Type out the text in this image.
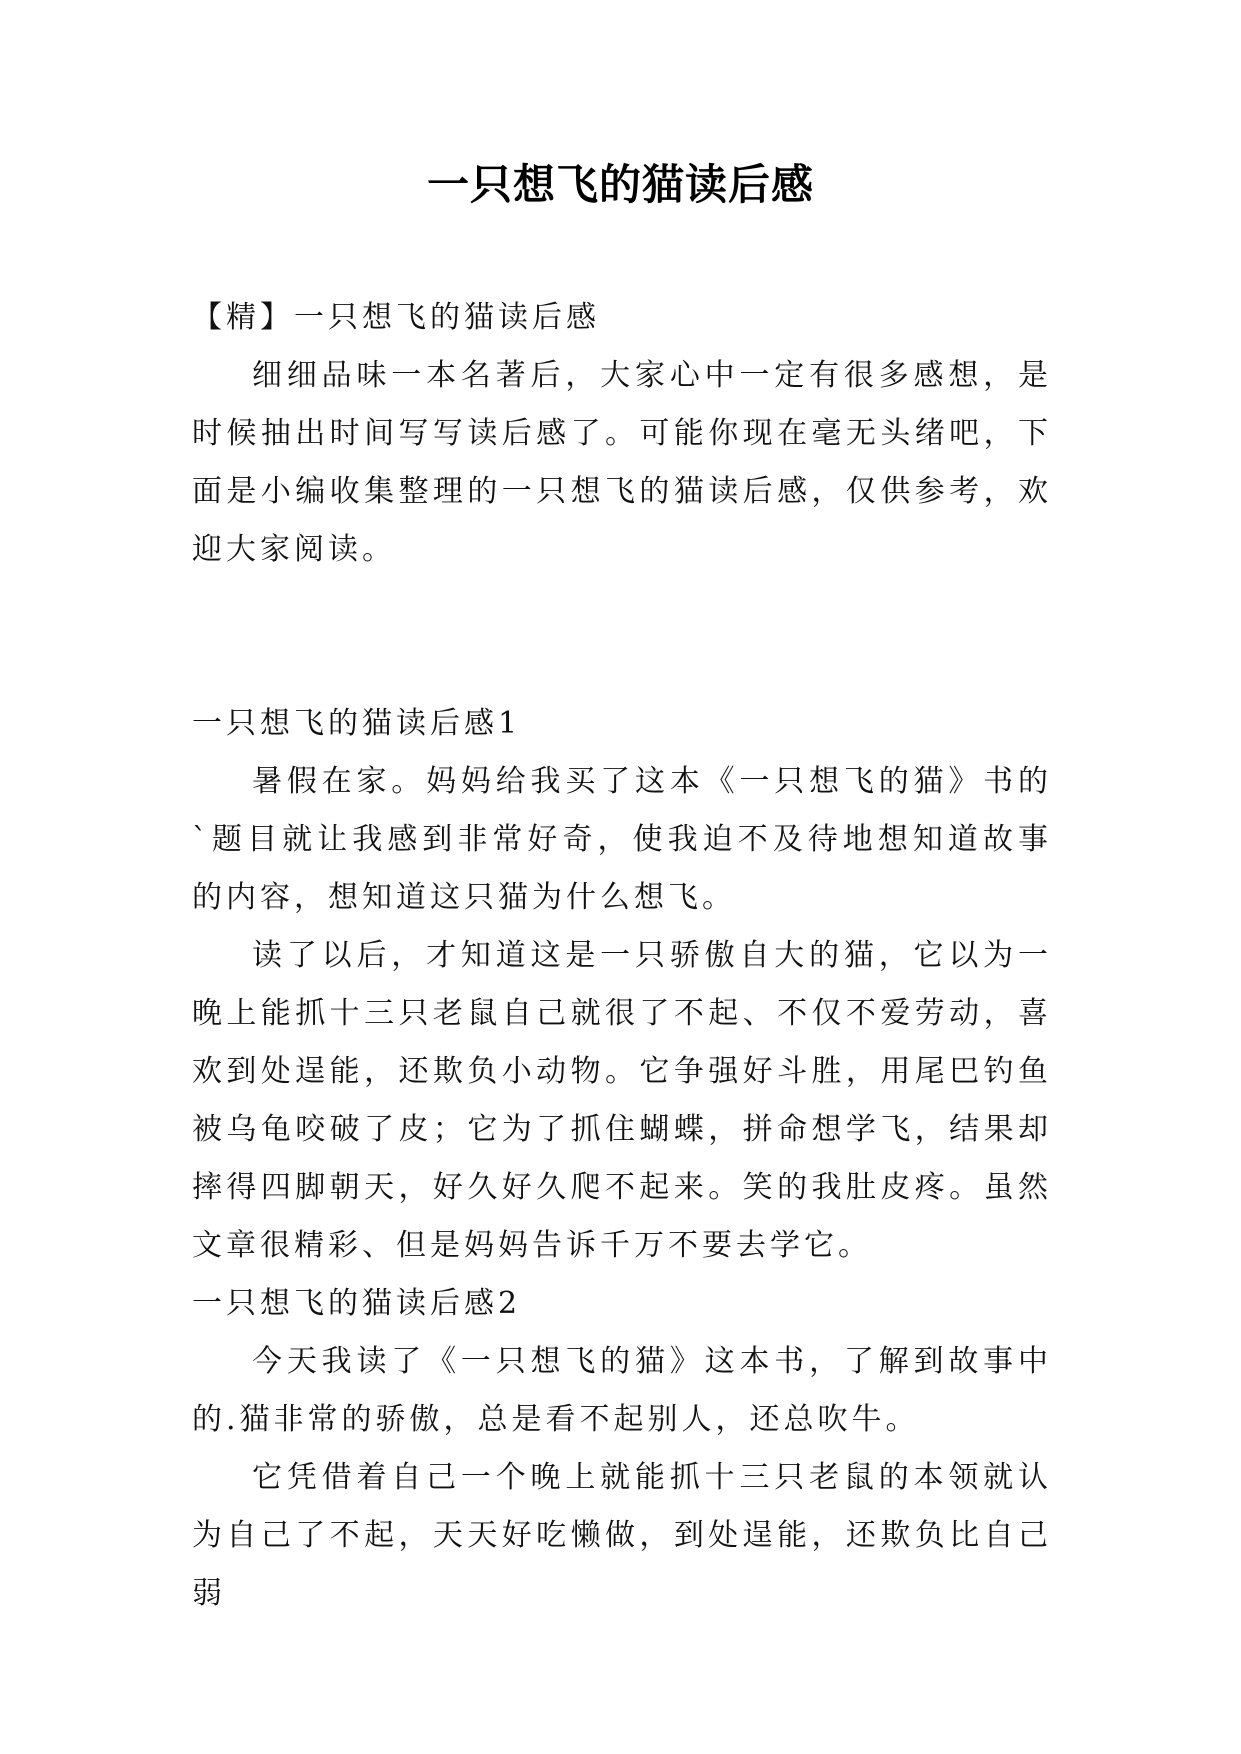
一只想飞的猫读后感

【精】一只想飞的猫读后感

细细品味一本名著后，大家心中一定有很多感想，是时候抽出时间写写读后感了。可能你现在毫无头绪吧，下面是小编收集整理的一只想飞的猫读后感，仅供参考，欢迎大家阅读。

一只想飞的猫读后感1

暑假在家。妈妈给我买了这本《一只想飞的猫》书的`题目就让我感到非常好奇，使我迫不及待地想知道故事的内容，想知道这只猫为什么想飞。

读了以后，才知道这是一只骄傲自大的猫，它以为一晚上能抓十三只老鼠自己就很了不起、不仅不爱劳动，喜欢到处逞能，还欺负小动物。它争强好斗胜，用尾巴钓鱼被乌龟咬破了皮；它为了抓住蝴蝶，拼命想学飞，结果却摔得四脚朝天，好久好久爬不起来。笑的我肚皮疼。虽然文章很精彩、但是妈妈告诉千万不要去学它。

一只想飞的猫读后感2

今天我读了《一只想飞的猫》这本书，了解到故事中的.猫非常的骄傲，总是看不起别人，还总吹牛。

它凭借着自己一个晚上就能抓十三只老鼠的本领就认为自己了不起，天天好吃懒做，到处逞能，还欺负比自己弱
